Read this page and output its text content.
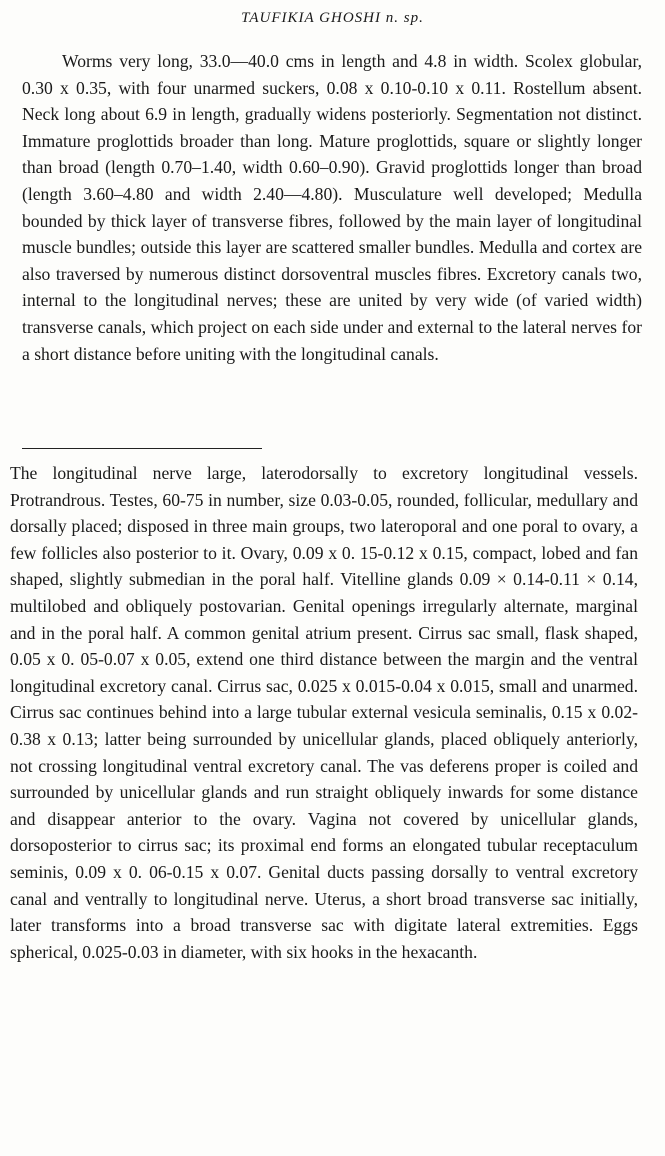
TAUFIKIA GHOSHI n. sp.

Worms very long, 33.0—40.0 cms in length and 4.8 in width. Scolex globular, 0.30 x 0.35, with four unarmed suckers, 0.08 x 0.10-0.10 x 0.11. Rostellum absent. Neck long about 6.9 in length, gradually widens posteriorly. Segmentation not distinct. Immature proglottids broader than long. Mature proglottids, square or slightly longer than broad (length 0.70–1.40, width 0.60–0.90). Gravid proglottids longer than broad (length 3.60–4.80 and width 2.40—4.80). Musculature well developed; Medulla bounded by thick layer of transverse fibres, followed by the main layer of longitudinal muscle bundles; outside this layer are scattered smaller bundles. Medulla and cortex are also traversed by numerous distinct dorsoventral muscles fibres. Excretory canals two, internal to the longitudinal nerves; these are united by very wide (of varied width) transverse canals, which project on each side under and external to the lateral nerves for a short distance before uniting with the longitudinal canals.

The longitudinal nerve large, laterodorsally to excretory longitudinal vessels. Protrandrous. Testes, 60-75 in number, size 0.03-0.05, rounded, follicular, medullary and dorsally placed; disposed in three main groups, two lateroporal and one poral to ovary, a few follicles also posterior to it. Ovary, 0.09 x 0. 15-0.12 x 0.15, compact, lobed and fan shaped, slightly submedian in the poral half. Vitelline glands 0.09 × 0.14-0.11 × 0.14, multilobed and obliquely postovarian. Genital openings irregularly alternate, marginal and in the poral half. A common genital atrium present. Cirrus sac small, flask shaped, 0.05 x 0. 05-0.07 x 0.05, extend one third distance between the margin and the ventral longitudinal excretory canal. Cirrus sac, 0.025 x 0.015-0.04 x 0.015, small and unarmed. Cirrus sac continues behind into a large tubular external vesicula seminalis, 0.15 x 0.02-0.38 x 0.13; latter being surrounded by unicellular glands, placed obliquely anteriorly, not crossing longitudinal ventral excretory canal. The vas deferens proper is coiled and surrounded by unicellular glands and run straight obliquely inwards for some distance and disappear anterior to the ovary. Vagina not covered by unicellular glands, dorsoposterior to cirrus sac; its proximal end forms an elongated tubular receptaculum seminis, 0.09 x 0. 06-0.15 x 0.07. Genital ducts passing dorsally to ventral excretory canal and ventrally to longitudinal nerve. Uterus, a short broad transverse sac initially, later transforms into a broad transverse sac with digitate lateral extremities. Eggs spherical, 0.025-0.03 in diameter, with six hooks in the hexacanth.
